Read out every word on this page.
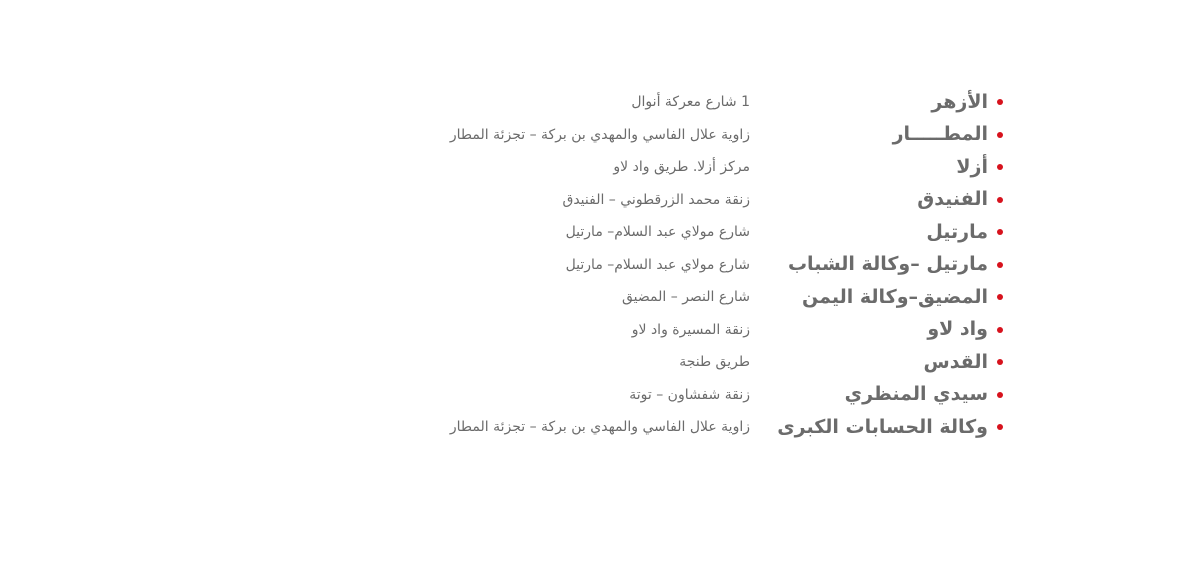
الأزهر
1 شارع معركة أنوال
المطـــــار
زاوية علال الفاسي والمهدي بن بركة – تجزئة المطار
أزلا
مركز أزلا. طريق واد لاو
الفنيدق
زنقة محمد الزرقطوني – الفنيدق
مارتيل
شارع مولاي عبد السلام– مارتيل
مارتيل –وكالة الشباب
شارع مولاي عبد السلام– مارتيل
المضيق–وكالة اليمن
شارع النصر – المضيق
واد لاو
زنقة المسيرة واد لاو
القدس
طريق طنجة
سيدي المنظري
زنقة شفشاون – توتة
وكالة الحسابات الكبرى
زاوية علال الفاسي والمهدي بن بركة – تجزئة المطار
